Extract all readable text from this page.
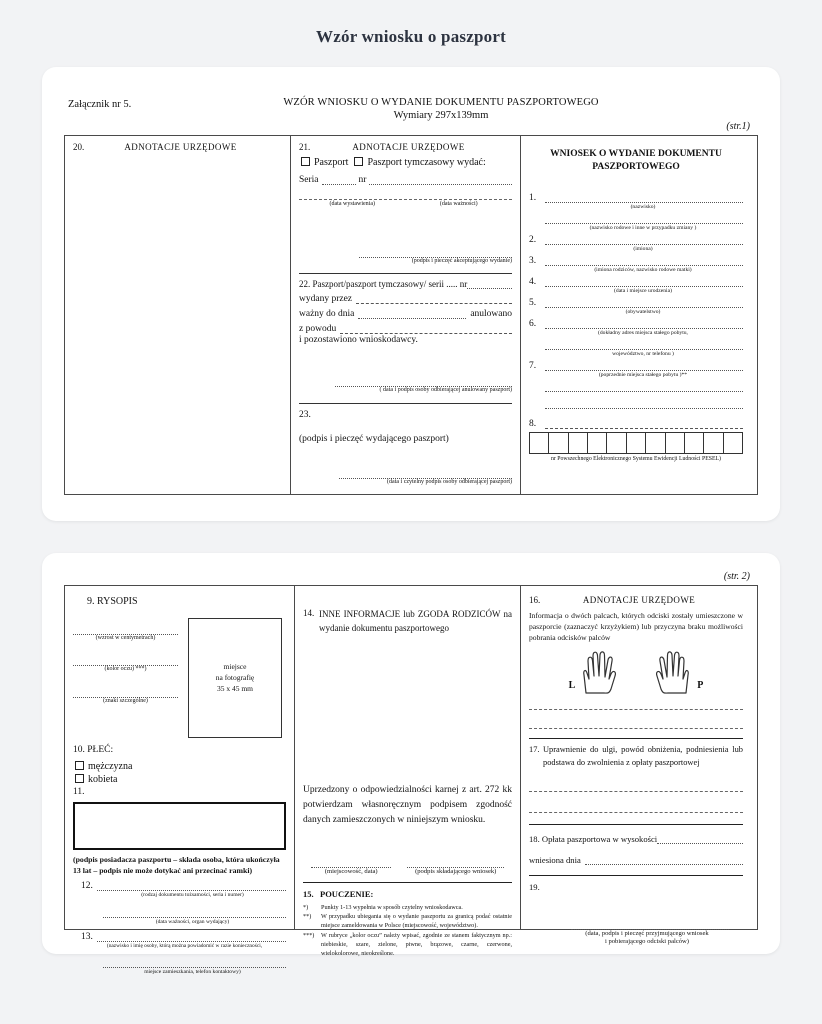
Wzór wniosku o paszport
Załącznik nr 5.	WZÓR WNIOSKU O WYDANIE DOKUMENTU PASZPORTOWEGO
Wymiary 297x139mm
(str.1)
20.	ADNOTACJE URZĘDOWE	21.	ADNOTACJE URZĘDOWE
Paszport Paszport tymczasowy wydać:
Seria	nr
(data wystawienia)	(data ważności)
(podpis i pieczęć akceptującego wydanie)
22. Paszport/paszport tymczasowy/ serii ..... nr
wydany przez
ważny do dnia	anulowano
z powodu
i pozostawiono wnioskodawcy.
( data i podpis osoby odbierającej anulowany paszport)
23.
(podpis i pieczęć wydającego paszport)
(data i czytelny podpis osoby odbierającej paszport)
WNIOSEK O WYDANIE DOKUMENTU
PASZPORTOWEGO
1.
(nazwisko)
(nazwisko rodowe i inne w przypadku zmiany )
2.
(imiona)
3.
(imiona rodziców, nazwisko rodowe matki)
4.
(data i miejsce urodzenia)
5.
(obywatelstwo)
6.
(dokładny adres miejsca stałego pobytu,
województwo, nr telefonu )
7.
(poprzednie miejsca stałego pobytu )**
8.
nr Powszechnego Elektronicznego Systemu Ewidencji Ludności PESEL)
(str. 2)
9. RYSOPIS
(wzrost w centymetrach)
(kolor oczu) ***)
(znaki szczególne)
miejsce
na fotografię
35 x 45 mm
10. PŁEĆ:
mężczyzna
kobieta
11.
(podpis posiadacza paszportu – składa osoba, która ukończyła 13 lat – podpis nie może dotykać ani przecinać ramki)
12.
(rodzaj dokumentu tożsamości, seria i numer)
(data ważności, organ wydający)
13.
(nazwisko i imię osoby, którą można powiadomić w razie konieczności,
miejsce zamieszkania, telefon kontaktowy)
14. INNE INFORMACJE lub ZGODA RODZICÓW na wydanie dokumentu paszportowego
Uprzedzony o odpowiedzialności karnej z art. 272 kk potwierdzam własnoręcznym podpisem zgodność danych zamieszczonych w niniejszym wniosku.
(miejscowość, data)	(podpis składającego wniosek)
15. POUCZENIE:
*)	Punkty 1-13 wypełnia w sposób czytelny wnioskodawca.
**)	W przypadku ubiegania się o wydanie paszportu za granicą podać ostatnie miejsce zameldowania w Polsce (miejscowość, województwo).
***)	W rubryce „kolor oczu” należy wpisać, zgodnie ze stanem faktycznym np.: niebieskie, szare, zielone, piwne, brązowe, czarne, czerwone, wielokolorowe, nieokreślone.
16.	ADNOTACJE URZĘDOWE
Informacja o dwóch palcach, których odciski zostały umieszczone w paszporcie (zaznaczyć krzyżykiem) lub przyczyna braku możliwości pobrania odcisków palców
L	P
17. Uprawnienie do ulgi, powód obniżenia, podniesienia lub podstawa do zwolnienia z opłaty paszportowej
18. Opłata paszportowa w wysokości
wniesiona dnia
19.
(data, podpis i pieczęć przyjmującego wniosek
i pobierającego odciski palców)
